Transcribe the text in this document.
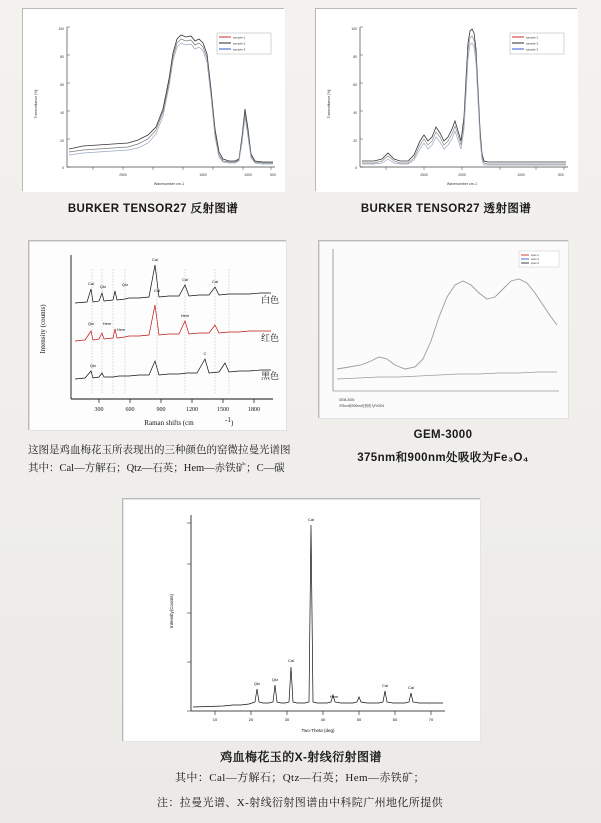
100
80
60
40
20
0
2500	1500	1000	500
Wavenumber cm-1
Transmittance [%]
sample-1
sample-2
sample-3
BURKER TENSOR27 反射图谱
100
80
60
40
20
0
2500	2000	1000	500
Wavenumber cm-1
Transmittance [%]
sample-1
sample-2
sample-3
BURKER TENSOR27 透射图谱
300	600	900	1200	1500	1800
Raman shifts (cm	-1 )
Intensity (counts)
Cal
Qtz	Qtz
Cal
Cal
Cal	Cal
Qtz Hem
Hem
Hem
Qtz
C
白色
红色
黑色
这图是鸡血梅花玉所表现出的三种颜色的窑微拉曼光谱图
其中：Cal—方解石；Qtz—石英；Hem—赤铁矿；C—碳
spec-1
spec-2
spec-3
GEM-3000
375nm和900nm处吸收为Fe3O4
GEM-3000
375nm和900nm处吸收为Fe₃O₄
10	20	30	40	50	60	70
Two-Theta (deg)
Intensity(Counts)
Qtz
Qtz
Cal
Cal
Hem
Cal	Cal
鸡血梅花玉的X-射线衍射图谱
其中：Cal—方解石；Qtz—石英；Hem—赤铁矿；
注：拉曼光谱、X-射线衍射图谱由中科院广州地化所提供
